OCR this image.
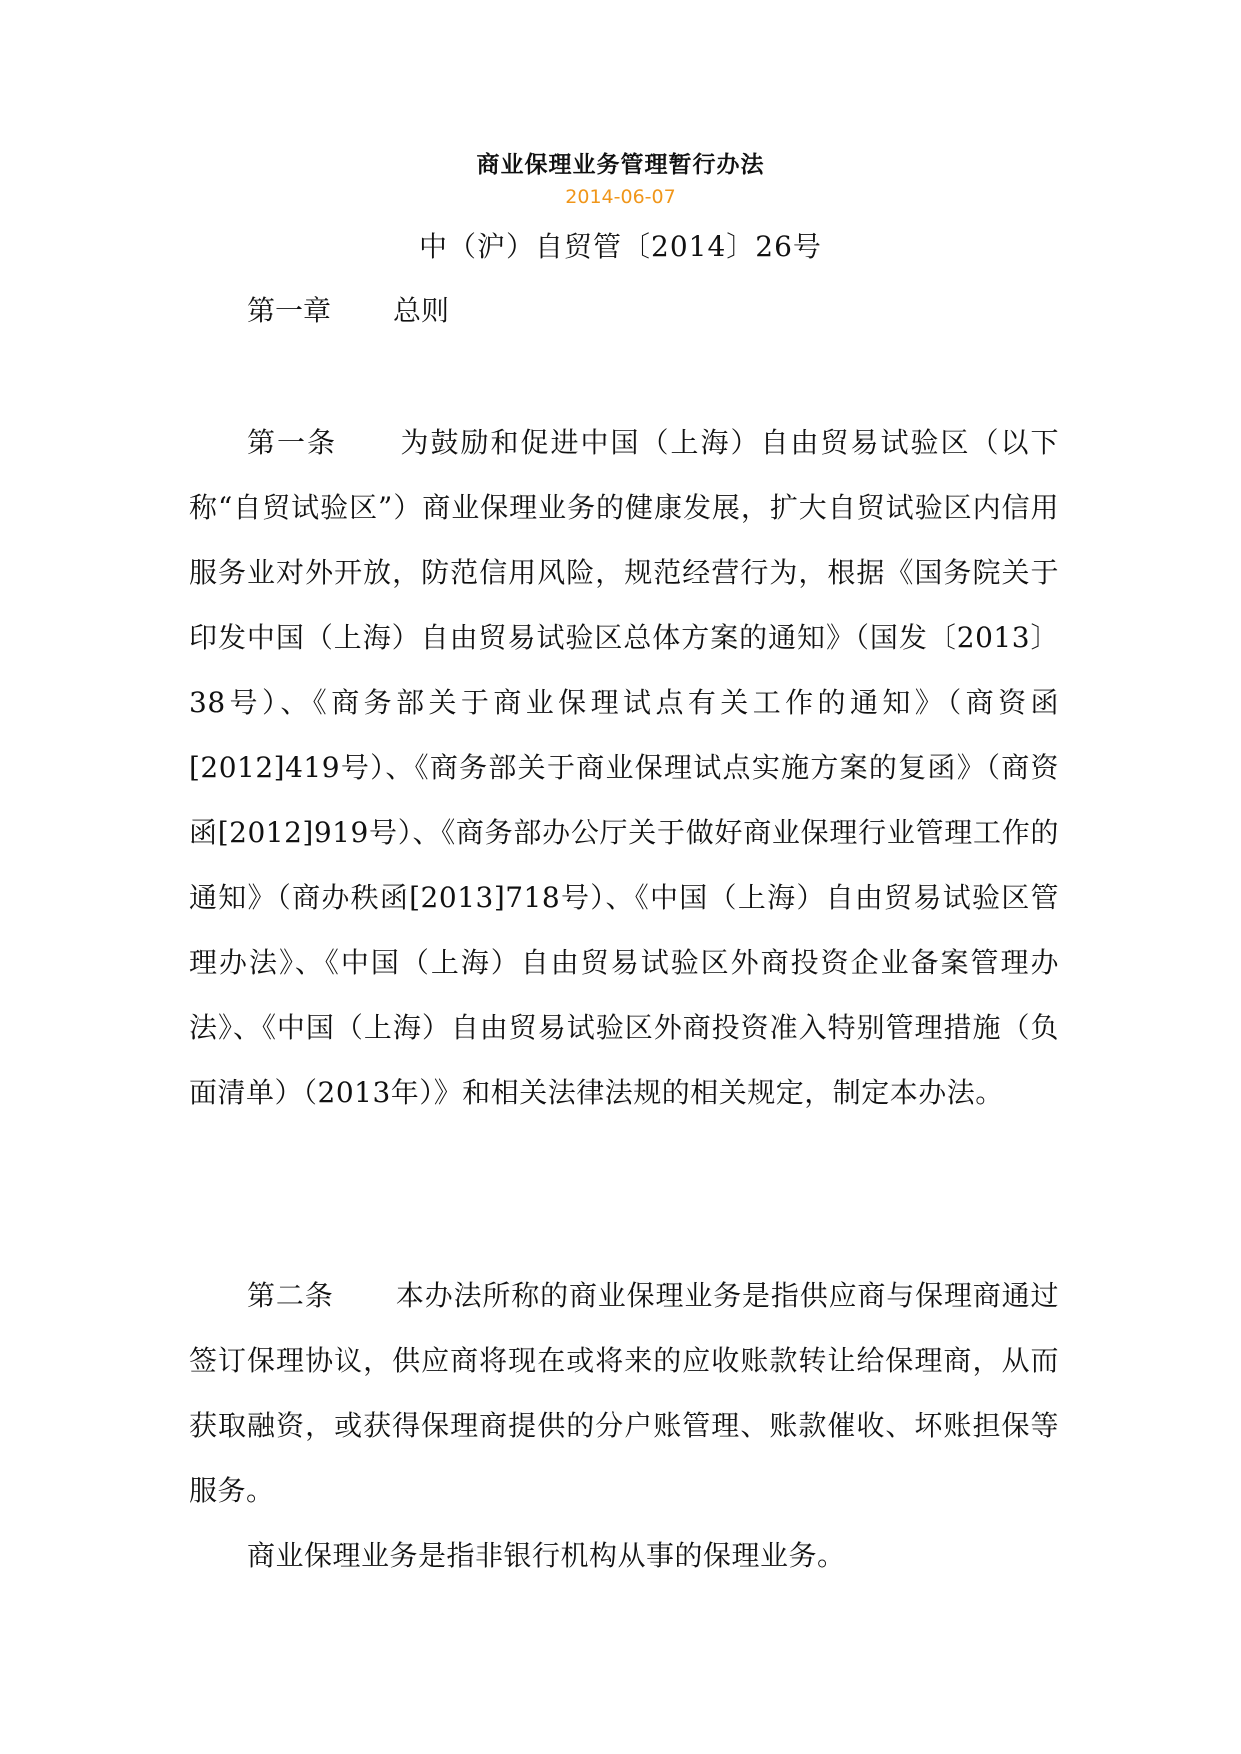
商业保理业务管理暂行办法
2014-06-07
中（沪）自贸管〔2014〕26号
第一章 总则

第一条 为鼓励和促进中国（上海）自由贸易试验区（以下称“自贸试验区”）商业保理业务的健康发展，扩大自贸试验区内信用服务业对外开放，防范信用风险，规范经营行为，根据《国务院关于印发中国（上海）自由贸易试验区总体方案的通知》（国发〔2013〕38号）、《商务部关于商业保理试点有关工作的通知》（商资函[2012]419号）、《商务部关于商业保理试点实施方案的复函》（商资函[2012]919号）、《商务部办公厅关于做好商业保理行业管理工作的通知》（商办秩函[2013]718号）、《中国（上海）自由贸易试验区管理办法》、《中国（上海）自由贸易试验区外商投资企业备案管理办法》、《中国（上海）自由贸易试验区外商投资准入特别管理措施（负面清单）（2013年）》和相关法律法规的相关规定，制定本办法。

第二条 本办法所称的商业保理业务是指供应商与保理商通过签订保理协议，供应商将现在或将来的应收账款转让给保理商，从而获取融资，或获得保理商提供的分户账管理、账款催收、坏账担保等服务。

商业保理业务是指非银行机构从事的保理业务。
